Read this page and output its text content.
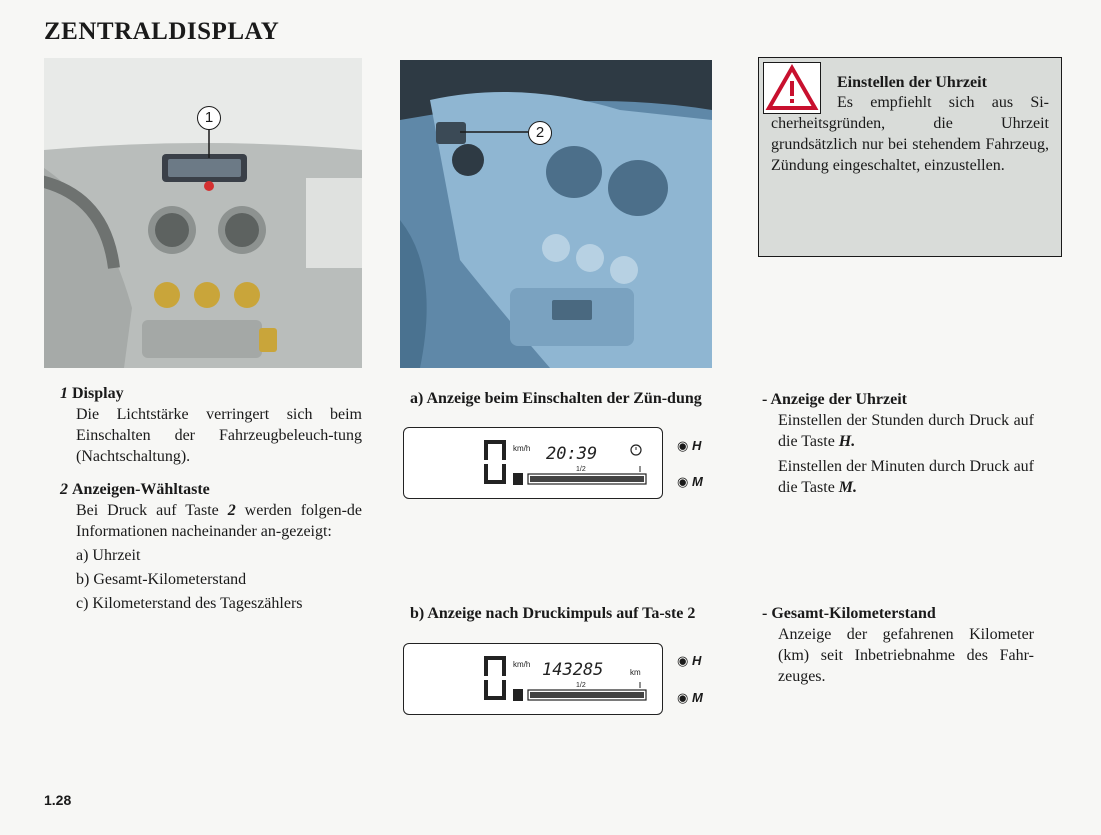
ZENTRALDISPLAY
1

1 Display

Die Lichtstärke verringert sich beim Einschalten der Fahrzeugbeleuch-tung (Nachtschaltung).

2 Anzeigen-Wähltaste

Bei Druck auf Taste 2 werden folgen-de Informationen nacheinander an-gezeigt:

a) Uhrzeit

b) Gesamt-Kilometerstand

c) Kilometerstand des Tageszählers

2
a) Anzeige beim Einschalten der Zün-dung
km/h 20:39
1/2
◉ H
◉ M
b) Anzeige nach Druckimpuls auf Ta-ste 2
km/h 143285	km
1/2
◉ H
◉ M
Einstellen der Uhrzeit
Es empfiehlt sich aus Si-cherheitsgründen, die Uhrzeit grundsätzlich nur bei stehendem Fahrzeug, Zündung eingeschaltet, einzustellen.

- Anzeige der Uhrzeit

Einstellen der Stunden durch Druck auf die Taste H.

Einstellen der Minuten durch Druck auf die Taste M.

- Gesamt-Kilometerstand

Anzeige der gefahrenen Kilometer (km) seit Inbetriebnahme des Fahr-zeuges.

1.28
